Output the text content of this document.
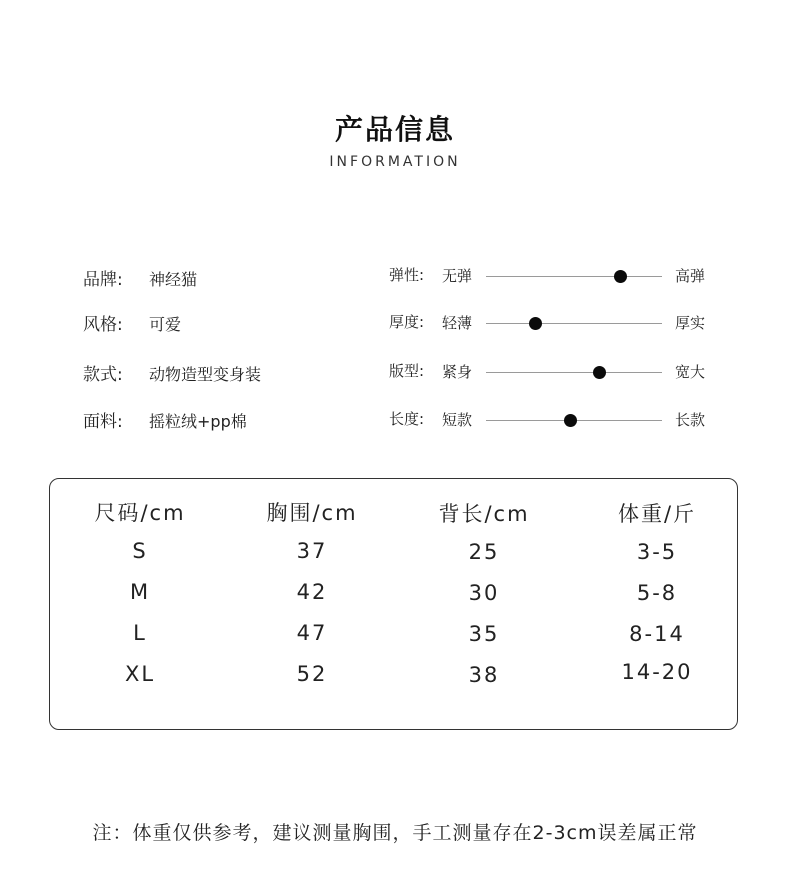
产品信息
INFORMATION
品牌: 神经猫
风格: 可爱
款式: 动物造型变身装
面料: 摇粒绒+pp棉
弹性: 无弹	高弹
厚度: 轻薄	厚实
版型: 紧身	宽大
长度: 短款	长款
尺码/cm	胸围/cm	背长/cm	体重/斤
S	37	25	3-5
M	42	30	5-8
L	47	35	8-14
XL	52	38	14-20
注：体重仅供参考，建议测量胸围，手工测量存在2-3cm误差属正常
